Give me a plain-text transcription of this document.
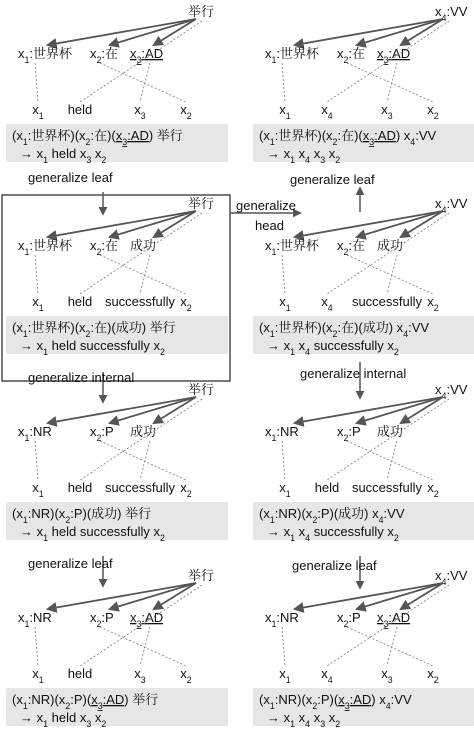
举行
$x_1$:世界杯 $x_2$:在 $x_3:AD$
$x_1$ held	$x_3$	$x_2$
($x_1$:世界杯)($x_2$:在)$(x_3:AD)$ 举行
→ $x_1$ held $x_3$ $x_2$
$x_4:VV$
$x_1$:世界杯 $x_2$:在 $x_3:AD$
$x_1$ $x_4$	$x_3$	$x_2$
($x_1$:世界杯)($x_2$:在)$(x_3:AD)$ $x_4:VV$
→ $x_1$ $x_4$ $x_3$ $x_2$
举行
$x_1$:世界杯 $x_2$:在 成功
$x_1$ held successfully $x_2$
($x_1$:世界杯)($x_2$:在)(成功) 举行
→ $x_1$ held successfully $x_2$
$x_4:VV$
$x_1$:世界杯 $x_2$:在 成功
$x_1$ $x_4$ successfully $x_2$
($x_1$:世界杯)($x_2$:在)(成功) $x_4:VV$
→ $x_1$ $x_4$ successfully $x_2$
举行
$x_1:NR$	$x_2:P$ 成功
$x_1$ held successfully $x_2$
$(x_1:NR)(x_2:P)$(成功) 举行
→ $x_1$ held successfully $x_2$
$x_4:VV$
$x_1:NR$	$x_2:P$ 成功
$x_1$ held successfully $x_2$
$(x_1:NR)(x_2:P)$(成功) $x_4:VV$
→ $x_1$ $x_4$ successfully $x_2$
举行
$x_1:NR$	$x_2:P$ $x_3:AD$
$x_1$ held	$x_3$	$x_2$
$(x_1:NR)(x_2:P)(x_3:AD)$ 举行
→ $x_1$ held $x_3$ $x_2$
$x_4:VV$
$x_1:NR$	$x_2:P$ $x_3:AD$
$x_1$ $x_4$	$x_3$	$x_2$
$(x_1:NR)(x_2:P)(x_3:AD)$ $x_4:VV$
→ $x_1$ $x_4$ $x_3$ $x_2$
generalize leaf
generalize internal
generalize leaf
generalize leaf
generalize internal
generalize leaf
generalize
head
